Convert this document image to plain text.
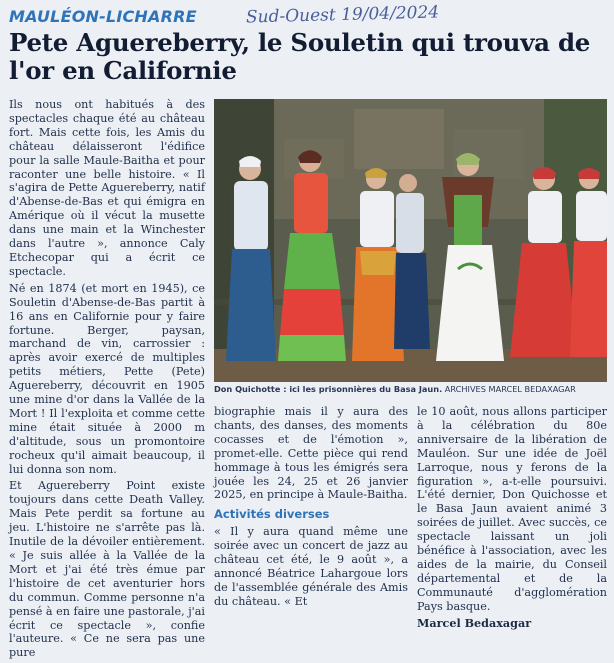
MAULÉON-LICHARRE	Sud-Ouest 19/04/2024
Pete Aguereberry, le Souletin qui trouva de l'or en Californie

Ils nous ont habitués à des spectacles chaque été au château fort. Mais cette fois, les Amis du château délaisseront l'édifice pour la salle Maule-Baitha et pour raconter une belle histoire. « Il s'agira de Pette Aguereberry, natif d'Abense-de-Bas et qui émigra en Amérique où il vécut la musette dans une main et la Winchester dans l'autre », annonce Caly Etchecopar qui a écrit ce spectacle.

Né en 1874 (et mort en 1945), ce Souletin d'Abense-de-Bas partit à 16 ans en Californie pour y faire fortune. Berger, paysan, marchand de vin, carrossier : après avoir exercé de multiples petits métiers, Pette (Pete) Aguereberry, découvrit en 1905 une mine d'or dans la Vallée de la Mort ! Il l'exploita et comme cette mine était située à 2000 m d'altitude, sous un promontoire rocheux qu'il aimait beaucoup, il lui donna son nom.

Et Aguereberry Point existe toujours dans cette Death Valley. Mais Pete perdit sa fortune au jeu. L'histoire ne s'arrête pas là. Inutile de la dévoiler entièrement. « Je suis allée à la Vallée de la Mort et j'ai été très émue par l'histoire de cet aventurier hors du commun. Comme personne n'a pensé à en faire une pastorale, j'ai écrit ce spectacle », confie l'auteure. « Ce ne sera pas une pure

Don Quichotte : ici les prisonnières du Basa Jaun. ARCHIVES MARCEL BEDAXAGAR

biographie mais il y aura des chants, des danses, des moments cocasses et de l'émotion », promet-elle. Cette pièce qui rend hommage à tous les émigrés sera jouée les 24, 25 et 26 janvier 2025, en principe à Maule-Baitha.

Activités diverses

« Il y aura quand même une soirée avec un concert de jazz au château cet été, le 9 août », a annoncé Béatrice Lahargoue lors de l'assemblée générale des Amis du château. « Et

le 10 août, nous allons participer à la célébration du 80e anniversaire de la libération de Mauléon. Sur une idée de Joël Larroque, nous y ferons de la figuration », a-t-elle poursuivi. L'été dernier, Don Quichosse et le Basa Jaun avaient animé 3 soirées de juillet. Avec succès, ce spectacle laissant un joli bénéfice à l'association, avec les aides de la mairie, du Conseil départemental et de la Communauté d'agglomération Pays basque.

Marcel Bedaxagar
